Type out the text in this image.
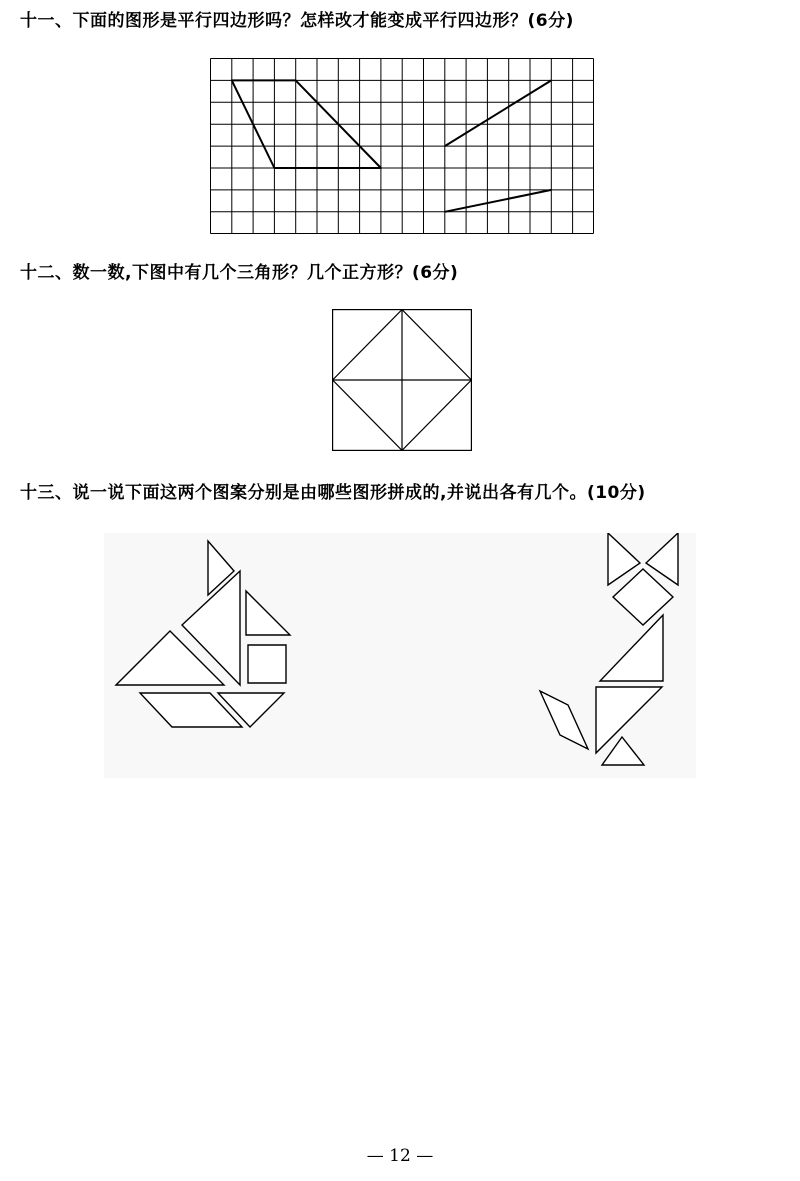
十一、下面的图形是平行四边形吗？怎样改才能变成平行四边形？(6分)
十二、数一数,下图中有几个三角形？几个正方形？(6分)
十三、说一说下面这两个图案分别是由哪些图形拼成的,并说出各有几个。(10分)
— 12 —
